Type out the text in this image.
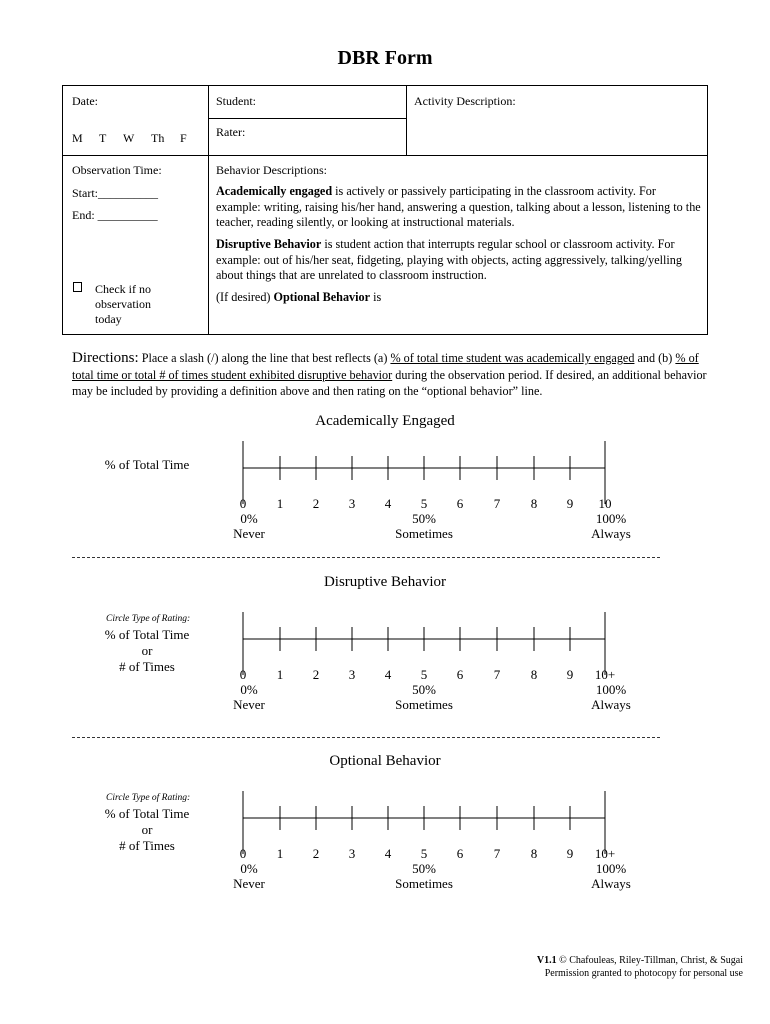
DBR Form
Date:
M T W Th F
Student:
Rater:
Activity Description:
Observation Time:
Start:__________
End: __________
Check if no
observation
today
Behavior Descriptions:
Academically engaged is actively or passively participating in the classroom activity. For example: writing, raising his/her hand, answering a question, talking about a lesson, listening to the teacher, reading silently, or looking at instructional materials.
Disruptive Behavior is student action that interrupts regular school or classroom activity. For example: out of his/her seat, fidgeting, playing with objects, acting aggressively, talking/yelling about things that are unrelated to classroom instruction.
(If desired) Optional Behavior is
Directions: Place a slash (/) along the line that best reflects (a) % of total time student was academically engaged and (b) % of total time or total # of times student exhibited disruptive behavior during the observation period. If desired, an additional behavior may be included by providing a definition above and then rating on the “optional behavior” line.
Academically Engaged
% of Total Time
0	1	2	3	4	5	6	7	8	9	10
0%
Never
50%
Sometimes
100%
Always
Disruptive Behavior
Circle Type of Rating:
% of Total Time
or
# of Times
0	1	2	3	4	5	6	7	8	9	10+
0%
Never
50%
Sometimes
100%
Always
Optional Behavior
Circle Type of Rating:
% of Total Time
or
# of Times
0	1	2	3	4	5	6	7	8	9	10+
0%
Never
50%
Sometimes
100%
Always
V1.1 © Chafouleas, Riley-Tillman, Christ, & Sugai
Permission granted to photocopy for personal use
